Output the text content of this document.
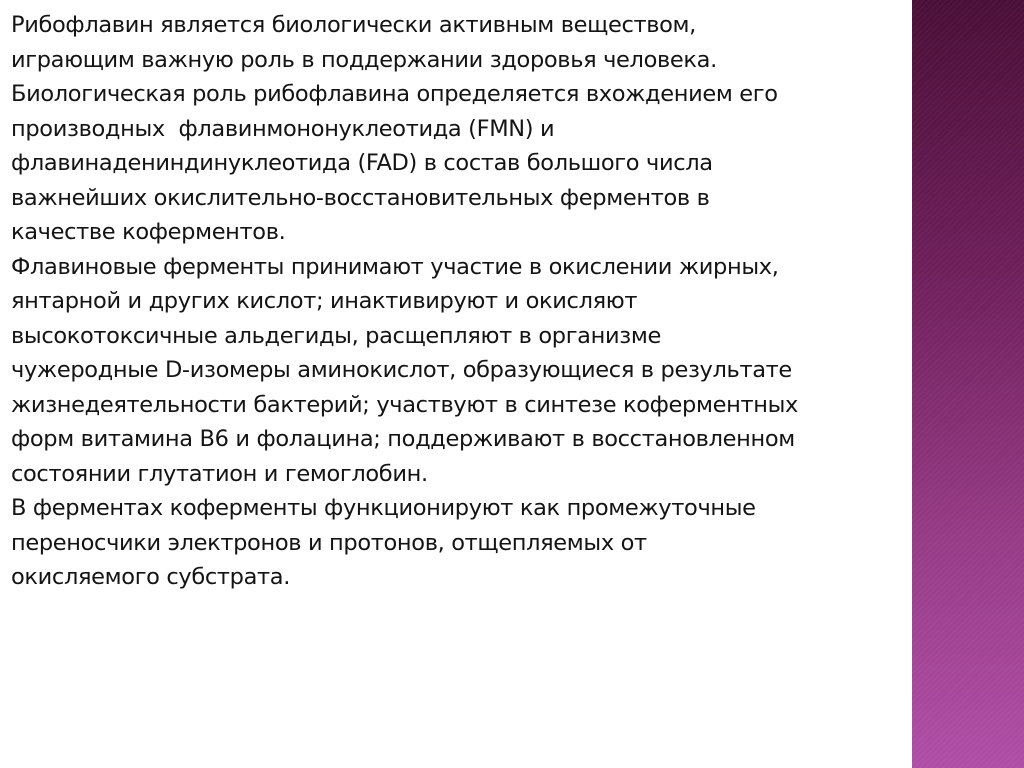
Рибофлавин является биологически активным веществом,
играющим важную роль в поддержании здоровья человека.
Биологическая роль рибофлавина определяется вхождением его
производных  флавинмононуклеотида (FMN) и
флавинадениндинуклеотида (FAD) в состав большого числа
важнейших окислительно-восстановительных ферментов в
качестве коферментов.

Флавиновые ферменты принимают участие в окислении жирных,
янтарной и других кислот; инактивируют и окисляют
высокотоксичные альдегиды, расщепляют в организме
чужеродные D-изомеры аминокислот, образующиеся в результате
жизнедеятельности бактерий; участвуют в синтезе коферментных
форм витамина В6 и фолацина; поддерживают в восстановленном
состоянии глутатион и гемоглобин.

В ферментах коферменты функционируют как промежуточные
переносчики электронов и протонов, отщепляемых от
окисляемого субстрата.
